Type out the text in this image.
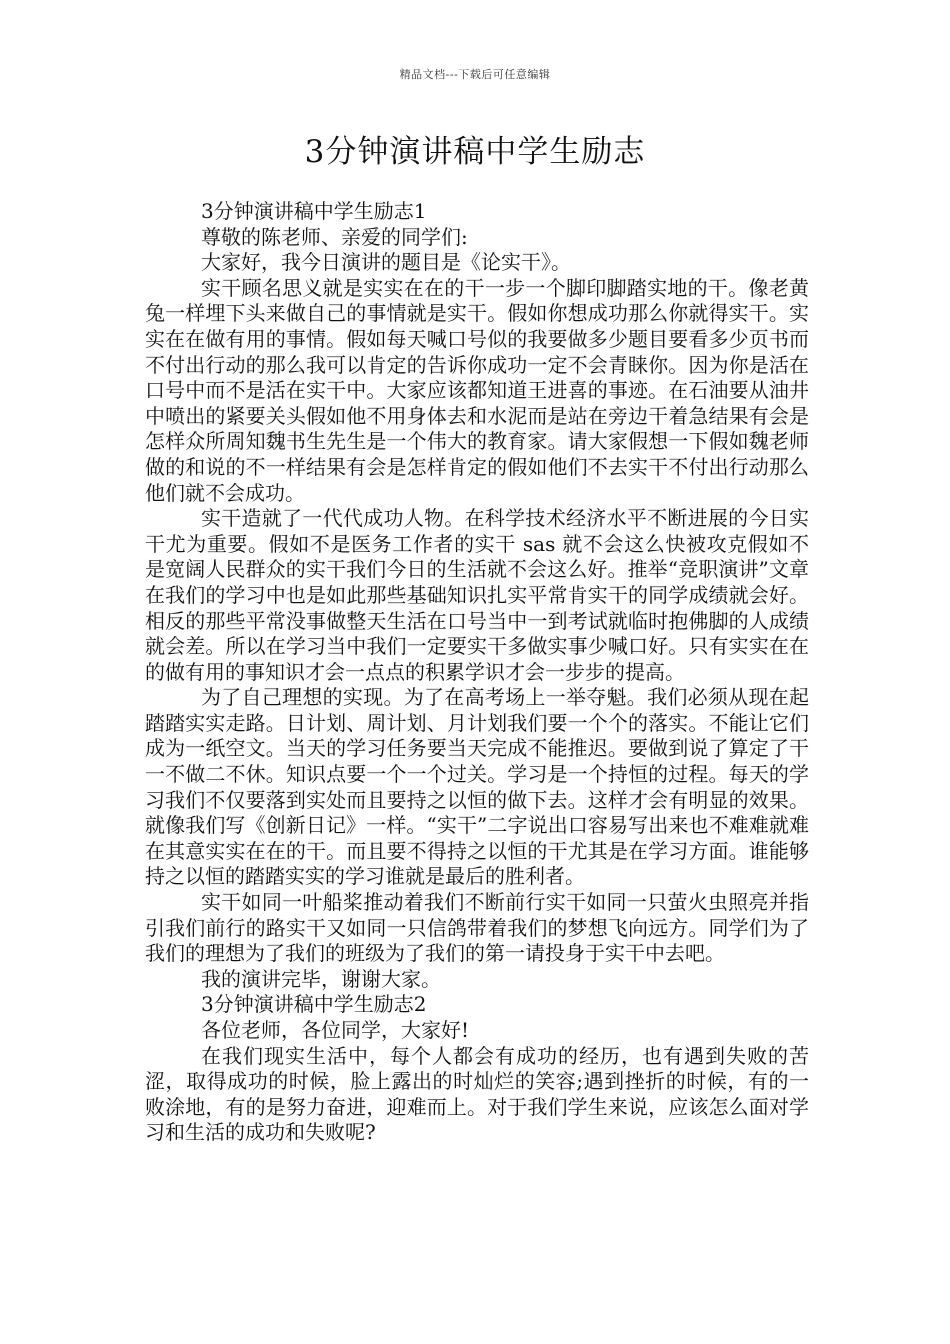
精品文档---下载后可任意编辑
3分钟演讲稿中学生励志

3分钟演讲稿中学生励志1

尊敬的陈老师、亲爱的同学们:

大家好，我今日演讲的题目是《论实干》。

实干顾名思义就是实实在在的干一步一个脚印脚踏实地的干。像老黄兔一样埋下头来做自己的事情就是实干。假如你想成功那么你就得实干。实实在在做有用的事情。假如每天喊口号似的我要做多少题目要看多少页书而不付出行动的那么我可以肯定的告诉你成功一定不会青睐你。因为你是活在口号中而不是活在实干中。大家应该都知道王进喜的事迹。在石油要从油井中喷出的紧要关头假如他不用身体去和水泥而是站在旁边干着急结果有会是怎样众所周知魏书生先生是一个伟大的教育家。请大家假想一下假如魏老师做的和说的不一样结果有会是怎样肯定的假如他们不去实干不付出行动那么他们就不会成功。

实干造就了一代代成功人物。在科学技术经济水平不断进展的今日实干尤为重要。假如不是医务工作者的实干 sas 就不会这么快被攻克假如不是宽阔人民群众的实干我们今日的生活就不会这么好。推举“竞职演讲”文章在我们的学习中也是如此那些基础知识扎实平常肯实干的同学成绩就会好。相反的那些平常没事做整天生活在口号当中一到考试就临时抱佛脚的人成绩就会差。所以在学习当中我们一定要实干多做实事少喊口好。只有实实在在的做有用的事知识才会一点点的积累学识才会一步步的提高。

为了自己理想的实现。为了在高考场上一举夺魁。我们必须从现在起踏踏实实走路。日计划、周计划、月计划我们要一个个的落实。不能让它们成为一纸空文。当天的学习任务要当天完成不能推迟。要做到说了算定了干一不做二不休。知识点要一个一个过关。学习是一个持恒的过程。每天的学习我们不仅要落到实处而且要持之以恒的做下去。这样才会有明显的效果。就像我们写《创新日记》一样。“实干”二字说出口容易写出来也不难难就难在其意实实在在的干。而且要不得持之以恒的干尤其是在学习方面。谁能够持之以恒的踏踏实实的学习谁就是最后的胜利者。

实干如同一叶船桨推动着我们不断前行实干如同一只萤火虫照亮并指引我们前行的路实干又如同一只信鸽带着我们的梦想飞向远方。同学们为了我们的理想为了我们的班级为了我们的第一请投身于实干中去吧。

我的演讲完毕，谢谢大家。

3分钟演讲稿中学生励志2

各位老师，各位同学，大家好!

在我们现实生活中，每个人都会有成功的经历，也有遇到失败的苦涩，取得成功的时候，脸上露出的时灿烂的笑容;遇到挫折的时候，有的一败涂地，有的是努力奋进，迎难而上。对于我们学生来说，应该怎么面对学习和生活的成功和失败呢?
